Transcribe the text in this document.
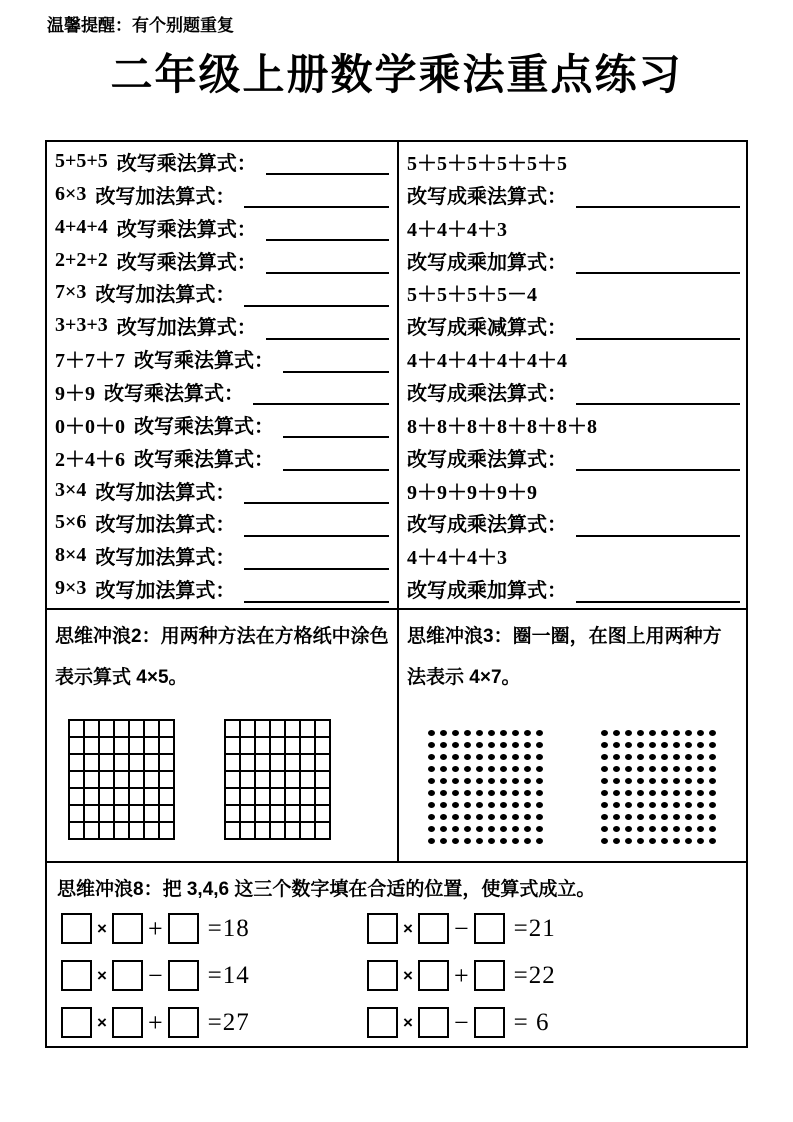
温馨提醒：有个别题重复
二年级上册数学乘法重点练习
5+5+5 改写乘法算式：
6×3 改写加法算式：
4+4+4 改写乘法算式：
2+2+2 改写乘法算式：
7×3 改写加法算式：
3+3+3 改写加法算式：
7＋7＋7 改写乘法算式：
9＋9 改写乘法算式：
0＋0＋0 改写乘法算式：
2＋4＋6 改写乘法算式：
3×4 改写加法算式：
5×6 改写加法算式：
8×4 改写加法算式：
9×3 改写加法算式：
5＋5＋5＋5＋5＋5
改写成乘法算式：
4＋4＋4＋3
改写成乘加算式：
5＋5＋5＋5－4
改写成乘减算式：
4＋4＋4＋4＋4＋4
改写成乘法算式：
8＋8＋8＋8＋8＋8＋8
改写成乘法算式：
9＋9＋9＋9＋9
改写成乘法算式：
4＋4＋4＋3
改写成乘加算式：
思维冲浪2：用两种方法在方格纸中涂色表示算式 4×5。
思维冲浪3：圈一圈，在图上用两种方法表示 4×7。
思维冲浪8：把 3,4,6 这三个数字填在合适的位置，使算式成立。
× + =18
× − =14
× + =27
× − =21
× + =22
× − = 6
